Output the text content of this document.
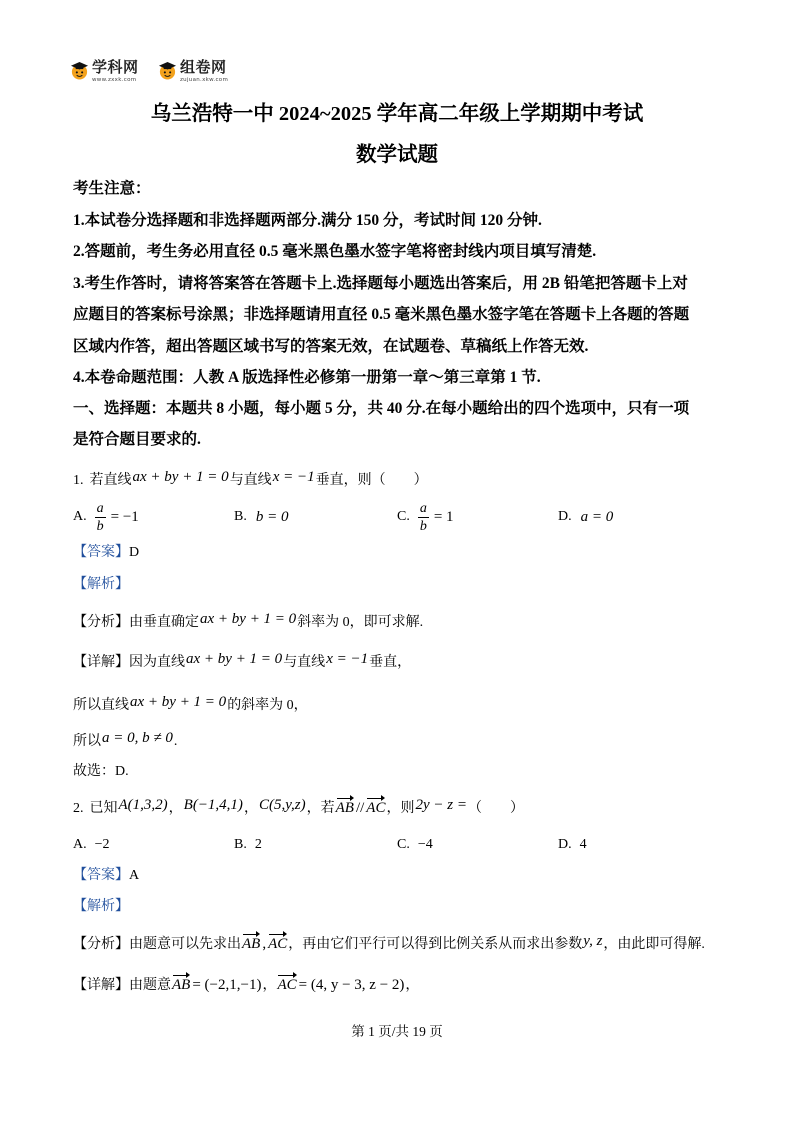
学科网
www.zxxk.com
组卷网
zujuan.xkw.com
乌兰浩特一中 2024~2025 学年高二年级上学期期中考试
数学试题
考生注意：
1.本试卷分选择题和非选择题两部分.满分 150 分，考试时间 120 分钟.
2.答题前，考生务必用直径 0.5 毫米黑色墨水签字笔将密封线内项目填写清楚.
3.考生作答时，请将答案答在答题卡上.选择题每小题选出答案后，用 2B 铅笔把答题卡上对
应题目的答案标号涂黑；非选择题请用直径 0.5 毫米黑色墨水签字笔在答题卡上各题的答题
区域内作答，超出答题区域书写的答案无效，在试题卷、草稿纸上作答无效.
4.本卷命题范围：人教 A 版选择性必修第一册第一章～第三章第 1 节.
一、选择题：本题共 8 小题，每小题 5 分，共 40 分.在每小题给出的四个选项中，只有一项
是符合题目要求的.
1. 若直线ax + by + 1 = 0与直线x = −1垂直，则（　　）
A. $\frac{a}{b} = -1$	B. b = 0	C. $\frac{a}{b} = 1$	D. a = 0
【答案】D
【解析】
【分析】由垂直确定ax + by + 1 = 0斜率为 0，即可求解.
【详解】因为直线ax + by + 1 = 0与直线x = −1垂直，
所以直线ax + by + 1 = 0的斜率为 0，
所以a = 0, b ≠ 0.
故选：D.
2. 已知A(1,3,2)，B(−1,4,1)，C(5,y,z)，若AB // AC，则2y − z =（　　）
A. −2	B. 2	C. −4	D. 4
【答案】A
【解析】
【分析】由题意可以先求出AB , AC，再由它们平行可以得到比例关系从而求出参数y, z，由此即可得解.
【详解】由题意AB = (−2,1,−1)，AC = (4, y − 3, z − 2)，
第 1 页/共 19 页
